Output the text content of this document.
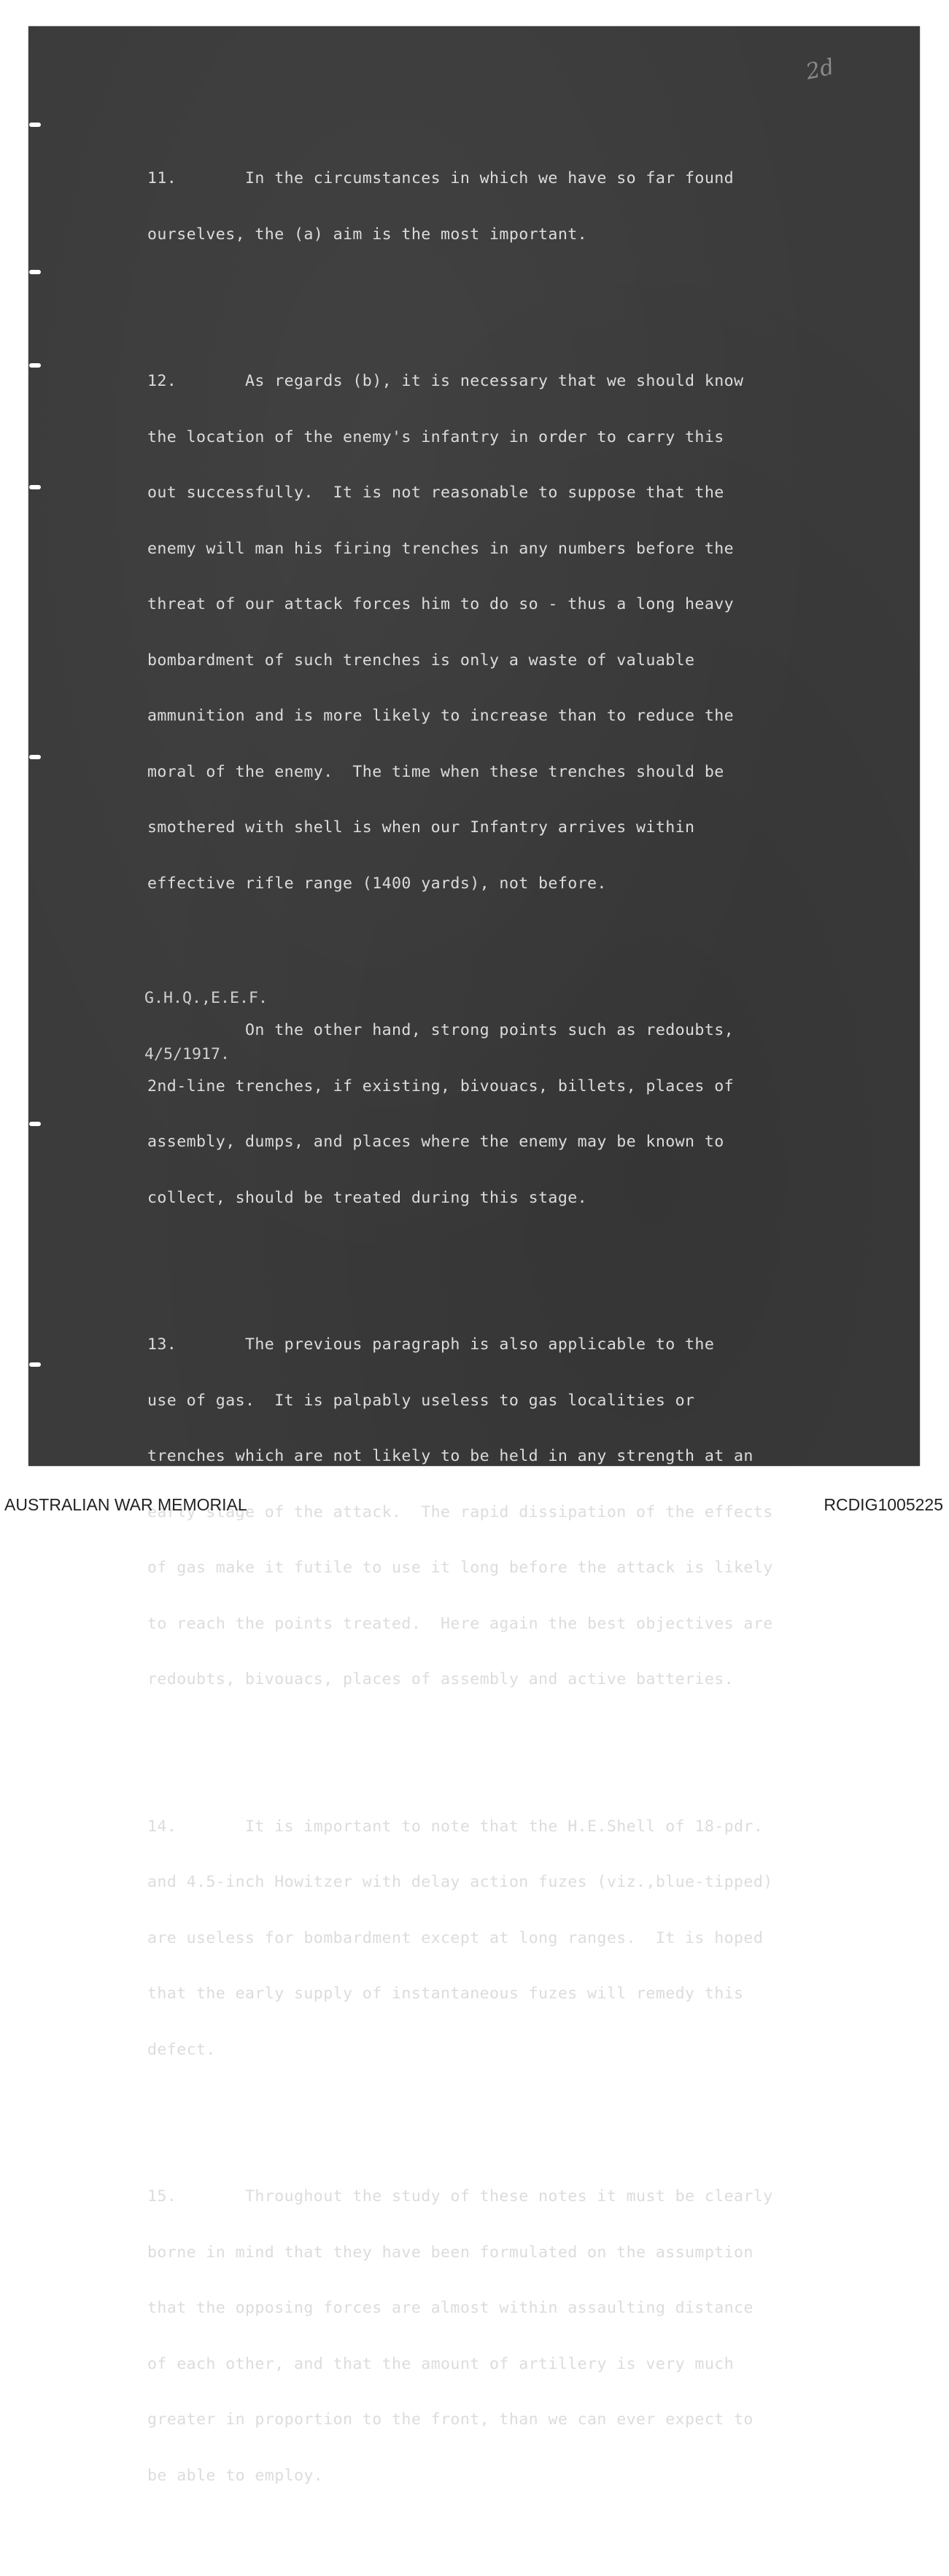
2d

11.       In the circumstances in which we have so far found

ourselves, the (a) aim is the most important.

12.       As regards (b), it is necessary that we should know

the location of the enemy's infantry in order to carry this

out successfully.  It is not reasonable to suppose that the

enemy will man his firing trenches in any numbers before the

threat of our attack forces him to do so - thus a long heavy

bombardment of such trenches is only a waste of valuable

ammunition and is more likely to increase than to reduce the

moral of the enemy.  The time when these trenches should be

smothered with shell is when our Infantry arrives within

effective rifle range (1400 yards), not before.

On the other hand, strong points such as redoubts,

2nd-line trenches, if existing, bivouacs, billets, places of

assembly, dumps, and places where the enemy may be known to

collect, should be treated during this stage.

13.       The previous paragraph is also applicable to the

use of gas.  It is palpably useless to gas localities or

trenches which are not likely to be held in any strength at an

early stage of the attack.  The rapid dissipation of the effects

of gas make it futile to use it long before the attack is likely

to reach the points treated.  Here again the best objectives are

redoubts, bivouacs, places of assembly and active batteries.

14.       It is important to note that the H.E.Shell of 18-pdr.

and 4.5-inch Howitzer with delay action fuzes (viz.,blue-tipped)

are useless for bombardment except at long ranges.  It is hoped

that the early supply of instantaneous fuzes will remedy this

defect.

15.       Throughout the study of these notes it must be clearly

borne in mind that they have been formulated on the assumption

that the opposing forces are almost within assaulting distance

of each other, and that the amount of artillery is very much

greater in proportion to the front, than we can ever expect to

be able to employ.

G.H.Q.,E.E.F.

4/5/1917.

AUSTRALIAN WAR MEMORIAL	RCDIG1005225
